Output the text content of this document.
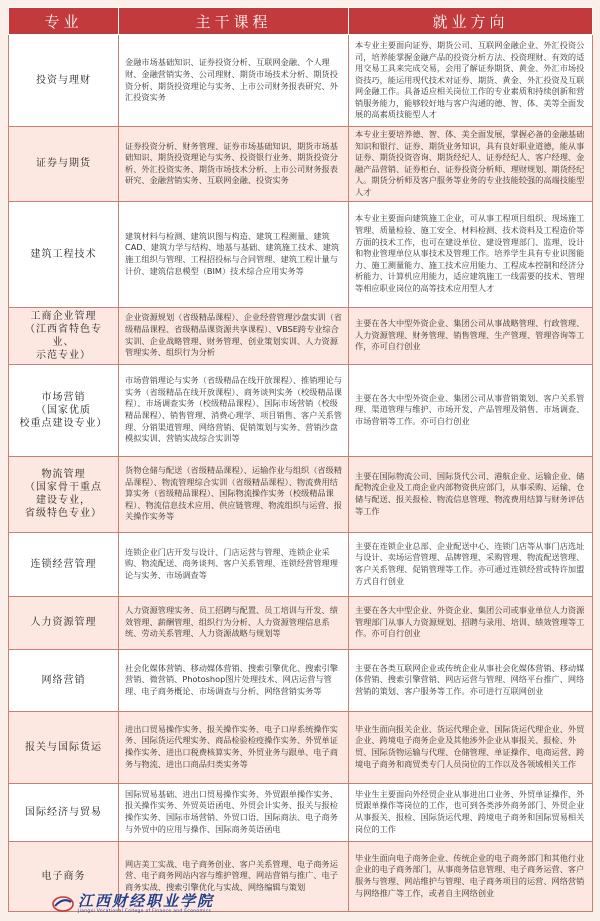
专业	主干课程	就业方向

投资与理财	金融市场基础知识、证券投资分析、互联网金融、个人理财、金融营销实务、公司理财、期货市场技术分析、期货投资分析、期货投资理论与实务、上市公司财务报表研究、外汇投资实务	本专业主要面向证券、期货公司、互联网金融企业、外汇投资公司，培养能掌握金融产品的投资分析方法、投资理财、有效的适用交易工具来完成交易，会用了解证券期货、黄金、外汇市场投资技巧，能运用现代技术对证券、期货、黄金、外汇投资及互联网金融工作。具备适应相关岗位工作的专业素质和持续创新和营销服务能力，能够较好地与客户沟通的德、智、体、美等全面发展的高素质技能型人才

证券与期货	证券投资分析、财务管理、证券市场基础知识、期货市场基础知识、期货投资理论与实务、投资银行业务、期货投资分析、外汇投资实务、期货市场技术分析、上市公司财务报表研究、金融营销实务、互联网金融、投资实务	本专业主要培养德、智、体、美全面发展，掌握必备的金融基础知识和银行、证券、期货业务知识，具有良好职业道德，能从事证券、期货投资咨询、期货经纪人、证券经纪人、客户经理、金融产品营销、证券柜台、证券投资分析师、理财规划、期货经纪人。期货分析师及客户服务等业务的专业技能较强的高端技能型人才

建筑工程技术	建筑材料与检测、建筑识图与构造、建筑工程测量、建筑CAD、建筑力学与结构、地基与基础、建筑施工技术、建筑施工组织与管理、工程招投标与合同管理、建筑工程计量与计价、建筑信息模型（BIM）技术综合应用实务等	本专业主要面向建筑施工企业，可从事工程项目组织、现场施工管理、质量检验、施工安全、材料检测、技术资料及工程造价等方面的技术工作，也可在建设单位、建设管理部门、监理、设计和物业管理单位从事技术及管理工作。培养学生具有专业识图能力、施工测量能力、施工技术应用能力、工程成本控制和经济分析能力、计算机应用能力，适应建筑施工一线需要的技术、管理等相应职业岗位的高等技术应用型人才

工商企业管理
（江西省特色专业、
示范专业）	企业资源规划（省级精品课程）、企业经营管理沙盘实训（省级精品课程、省级精品课资源共享课程）、VBSE跨专业综合实训、企业战略管理、财务管理、创业策划实训、人力资源管理实务、组织行为分析	主要在各大中型外资企业、集团公司从事战略管理、行政管理、人力资源管理、财务管理、销售管理、生产管理、管理咨询等工作，亦可自行创业

市场营销
（国家优质
校重点建设专业）	市场营销理论与实务（省级精品在线开放课程）、推销理论与实务（省级精品在线开放课程）、商务谈判实务（校级精品课程）、市场调查实务（校级精品课程）、国际市场营销（校级精品课程）、销售管理、消费心理学、项目销售、客户关系管理、分销渠道管理、网络营销、促销策划与实务、营销沙盘模拟实训、营销实战综合实训等	主要在各大中型外资企业、集团公司从事营销策划、客户关系管理、渠道管理与维护、市场开发、产品管理及销售、市场调查、市场营销等工作。亦可自行创业

物流管理
（国家骨干重点
建设专业，
省级特色专业）	货物仓储与配送（省级精品课程）、运输作业与组织（省级精品课程）、物流管理综合实训（省级精品课程）、物流费用结算实务（省级精品课程）、国际物流操作实务（校级精品课程）、物流信息技术应用、供应链管理、物流组织与运营、报关操作实务等	主要在国际物流公司、国际货代公司、港航企业、运输企业、储配物流企业及工商企业内部物资供应部门，从事采购、运输、仓储与配送、报关报检、物流信息管理、物流费用结算与财务评估等工作

连锁经营管理	连锁企业门店开发与设计、门店运营与管理、连锁企业采购、物流配送、商务谈判、客户关系管理、连锁经营管理理论与实务、市场调查等	主要在连锁企业总部、企业配送中心、连锁门店等从事门店选址与设计、卖场运营管理、品牌管理、采购管理、物流配送管理、客户关系管理、促销管理等工作。亦可通过连锁经营或特许加盟方式自行创业

人力资源管理	人力资源管理实务、员工招聘与配置、员工培训与开发、绩效管理、薪酬管理、组织行为分析、人力资源管理信息系统、劳动关系管理、人力资源战略与规划等	主要在各大中型企业、外资企业、集团公司或事业单位人力资源管理部门从事人力资源规划、招聘与录用、培训、绩效管理等工作。亦可自行创业

网络营销	社会化媒体营销、移动媒体营销、搜索引擎优化、搜索引擎营销、微营销、Photoshop图片处理技术、网店运营与管理、电子商务概论、市场调查与分析、网络营销实务等	主要在各类互联网企业或传统企业从事社会化媒体营销、移动媒体营销、搜索引擎营销、网店运营与管理、网络平台推广、网络营销的策划、客户服务等工作。亦可进行互联网创业

报关与国际货运	进出口贸易操作实务、报关操作实务、电子口岸系统操作实务、国际货运代理实务、商品检验检疫操作实务、外贸单证操作实务、进出口税费核算实务、外贸业务与跟单、电子商务与物流、进出口商品归类实务等	毕业生面向报关企业、货运代理企业、国际货运代理企业、外贸企业、跨境电子商务企业及其他涉外企业从事报关、报检、外贸、国际货物运输与代理、仓储管理、单证操作、电商运营、跨境电子商务和商贸类专门人员岗位的工作以及各领域相关工作

国际经济与贸易	国际贸易基础、进出口贸易操作实务、外贸跟单操作实务、报关操作实务、外贸英语函电、外贸会计实务、报关与报检操作实务、国际市场营销、外贸口语、国际商法、电子商务与外贸中的应用与操作、国际商务英语函电	毕业生主要面向外经贸企业从事进出口业务、外贸单证操作、外贸跟单操作等岗位的工作，也可到各类涉外商务部门、外贸企业从事报关、报检、国际货运代理、跨境电子商务和国际贸易相关岗位的工作

电子商务	网店美工实战、电子商务创业、客户关系管理、电子商务运营、电子商务网站内容与维护管理、网站营销与推广、电子商务实战、搜索引擎优化与实战、网络编辑与策划	毕业生面向电子商务企业、传统企业的电子商务部门和其他行业企业的电子商务部门，从事商务信息管理、电子商务运营、客户服务与管理、网站维护与管理、电子商务项目的运营、网络营销与网络推广等工作，或者自主网络创业
江西财经职业学院
Jiangxi Vocational College of Finance and Economics
